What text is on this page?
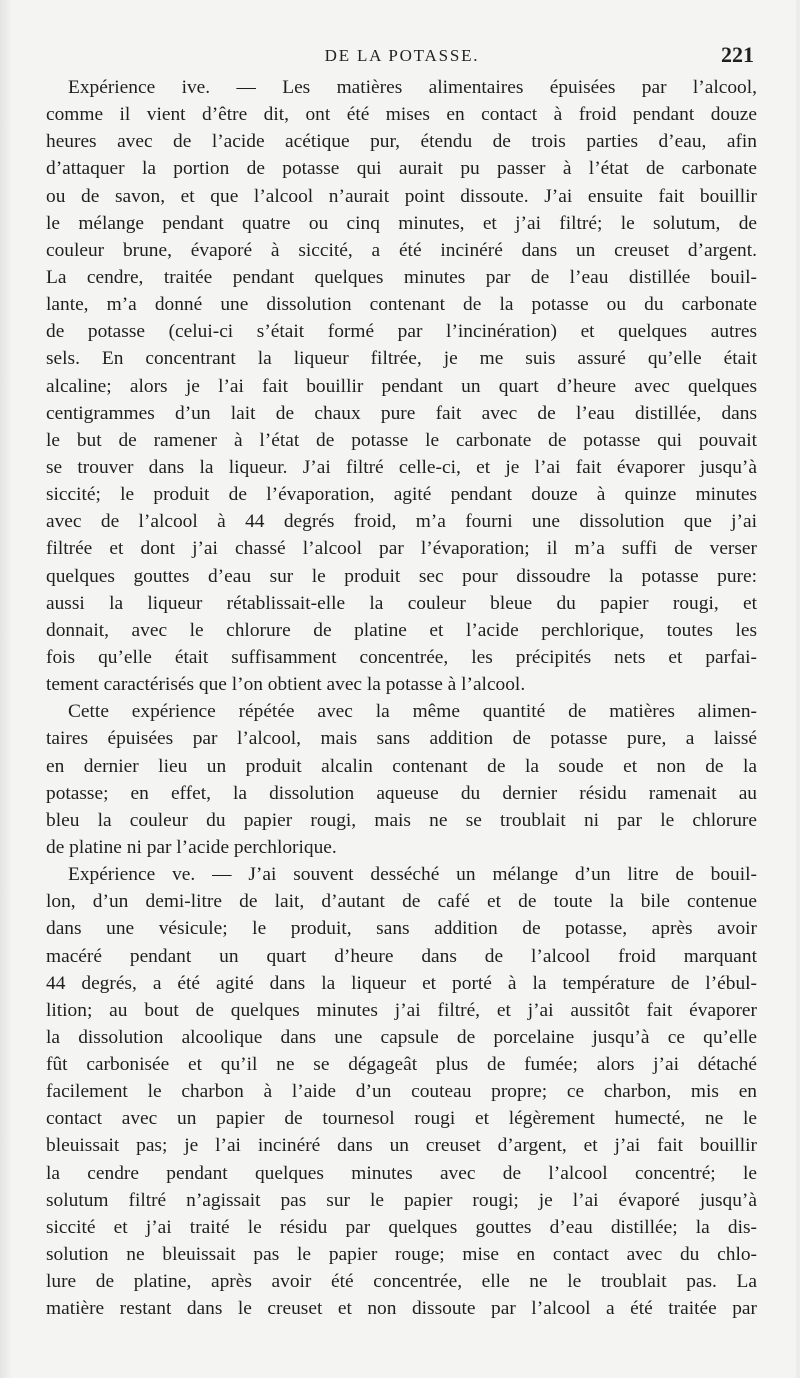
DE LA POTASSE.	221
Expérience ive. — Les matières alimentaires épuisées par l’alcool,
comme il vient d’être dit, ont été mises en contact à froid pendant douze
heures avec de l’acide acétique pur, étendu de trois parties d’eau, afin
d’attaquer la portion de potasse qui aurait pu passer à l’état de carbonate
ou de savon, et que l’alcool n’aurait point dissoute. J’ai ensuite fait bouillir
le mélange pendant quatre ou cinq minutes, et j’ai filtré; le solutum, de
couleur brune, évaporé à siccité, a été incinéré dans un creuset d’argent.
La cendre, traitée pendant quelques minutes par de l’eau distillée bouil-
lante, m’a donné une dissolution contenant de la potasse ou du carbonate
de potasse (celui-ci s’était formé par l’incinération) et quelques autres
sels. En concentrant la liqueur filtrée, je me suis assuré qu’elle était
alcaline; alors je l’ai fait bouillir pendant un quart d’heure avec quelques
centigrammes d’un lait de chaux pure fait avec de l’eau distillée, dans
le but de ramener à l’état de potasse le carbonate de potasse qui pouvait
se trouver dans la liqueur. J’ai filtré celle-ci, et je l’ai fait évaporer jusqu’à
siccité; le produit de l’évaporation, agité pendant douze à quinze minutes
avec de l’alcool à 44 degrés froid, m’a fourni une dissolution que j’ai
filtrée et dont j’ai chassé l’alcool par l’évaporation; il m’a suffi de verser
quelques gouttes d’eau sur le produit sec pour dissoudre la potasse pure:
aussi la liqueur rétablissait-elle la couleur bleue du papier rougi, et
donnait, avec le chlorure de platine et l’acide perchlorique, toutes les
fois qu’elle était suffisamment concentrée, les précipités nets et parfai-
tement caractérisés que l’on obtient avec la potasse à l’alcool.
Cette expérience répétée avec la même quantité de matières alimen-
taires épuisées par l’alcool, mais sans addition de potasse pure, a laissé
en dernier lieu un produit alcalin contenant de la soude et non de la
potasse; en effet, la dissolution aqueuse du dernier résidu ramenait au
bleu la couleur du papier rougi, mais ne se troublait ni par le chlorure
de platine ni par l’acide perchlorique.
Expérience ve. — J’ai souvent desséché un mélange d’un litre de bouil-
lon, d’un demi-litre de lait, d’autant de café et de toute la bile contenue
dans une vésicule; le produit, sans addition de potasse, après avoir
macéré pendant un quart d’heure dans de l’alcool froid marquant
44 degrés, a été agité dans la liqueur et porté à la température de l’ébul-
lition; au bout de quelques minutes j’ai filtré, et j’ai aussitôt fait évaporer
la dissolution alcoolique dans une capsule de porcelaine jusqu’à ce qu’elle
fût carbonisée et qu’il ne se dégageât plus de fumée; alors j’ai détaché
facilement le charbon à l’aide d’un couteau propre; ce charbon, mis en
contact avec un papier de tournesol rougi et légèrement humecté, ne le
bleuissait pas; je l’ai incinéré dans un creuset d’argent, et j’ai fait bouillir
la cendre pendant quelques minutes avec de l’alcool concentré; le
solutum filtré n’agissait pas sur le papier rougi; je l’ai évaporé jusqu’à
siccité et j’ai traité le résidu par quelques gouttes d’eau distillée; la dis-
solution ne bleuissait pas le papier rouge; mise en contact avec du chlo-
lure de platine, après avoir été concentrée, elle ne le troublait pas. La
matière restant dans le creuset et non dissoute par l’alcool a été traitée par
